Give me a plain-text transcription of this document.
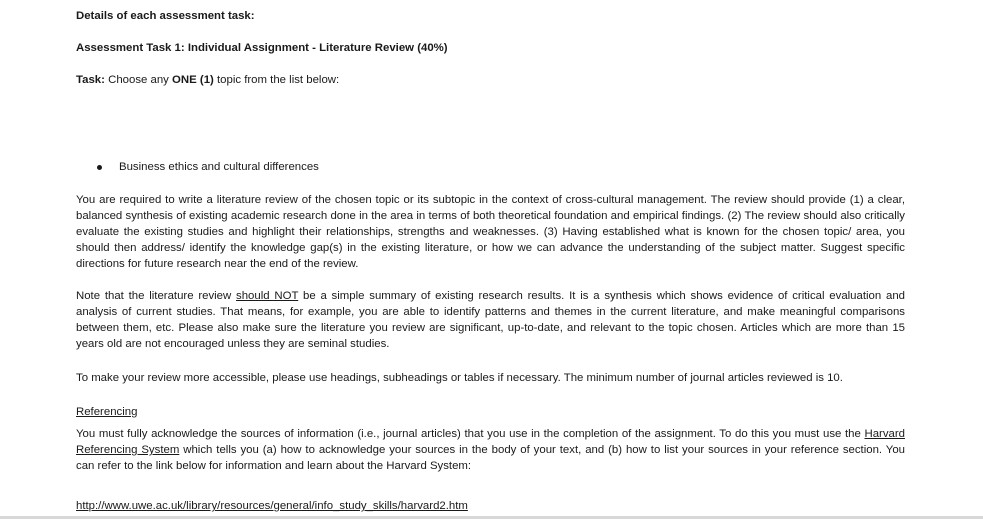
Details of each assessment task:
Assessment Task 1: Individual Assignment - Literature Review (40%)
Task: Choose any ONE (1) topic from the list below:
Business ethics and cultural differences

You are required to write a literature review of the chosen topic or its subtopic in the context of cross-cultural management. The review should provide (1) a clear, balanced synthesis of existing academic research done in the area in terms of both theoretical foundation and empirical findings. (2) The review should also critically evaluate the existing studies and highlight their relationships, strengths and weaknesses. (3) Having established what is known for the chosen topic/ area, you should then address/ identify the knowledge gap(s) in the existing literature, or how we can advance the understanding of the subject matter. Suggest specific directions for future research near the end of the review.

Note that the literature review should NOT be a simple summary of existing research results. It is a synthesis which shows evidence of critical evaluation and analysis of current studies. That means, for example, you are able to identify patterns and themes in the current literature, and make meaningful comparisons between them, etc. Please also make sure the literature you review are significant, up-to-date, and relevant to the topic chosen. Articles which are more than 15 years old are not encouraged unless they are seminal studies.

To make your review more accessible, please use headings, subheadings or tables if necessary. The minimum number of journal articles reviewed is 10.
Referencing

You must fully acknowledge the sources of information (i.e., journal articles) that you use in the completion of the assignment. To do this you must use the Harvard Referencing System which tells you (a) how to acknowledge your sources in the body of your text, and (b) how to list your sources in your reference section. You can refer to the link below for information and learn about the Harvard System:

http://www.uwe.ac.uk/library/resources/general/info_study_skills/harvard2.htm
